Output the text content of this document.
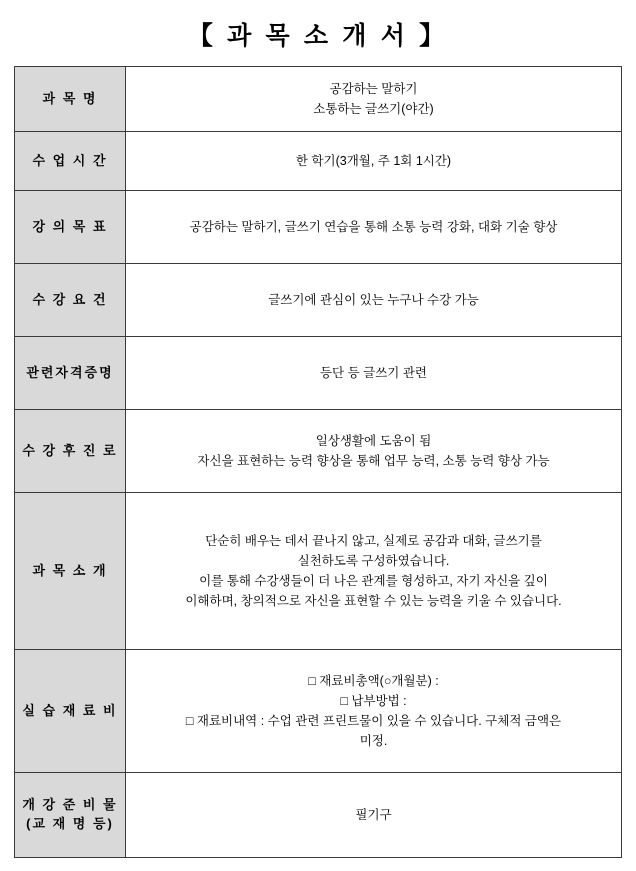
【 과 목 소 개 서 】
과 목 명	공감하는 말하기
소통하는 글쓰기(야간)

수 업 시 간	한 학기(3개월, 주 1회 1시간)

강 의 목 표	공감하는 말하기, 글쓰기 연습을 통해 소통 능력 강화, 대화 기술 향상

수 강 요 건	글쓰기에 관심이 있는 누구나 수강 가능

관련자격증명	등단 등 글쓰기 관련

수 강 후 진 로	일상생활에 도움이 됨
자신을 표현하는 능력 향상을 통해 업무 능력, 소통 능력 향상 가능

과 목 소 개	단순히 배우는 데서 끝나지 않고, 실제로 공감과 대화, 글쓰기를
실천하도록 구성하였습니다.
이를 통해 수강생들이 더 나은 관계를 형성하고, 자기 자신을 깊이
이해하며, 창의적으로 자신을 표현할 수 있는 능력을 키울 수 있습니다.

실 습 재 료 비	□ 재료비총액(○개월분) :
□ 납부방법 :
□ 재료비내역 : 수업 관련 프린트물이 있을 수 있습니다. 구체적 금액은
미정.

개 강 준 비 물
(교 재 명 등)	필기구
